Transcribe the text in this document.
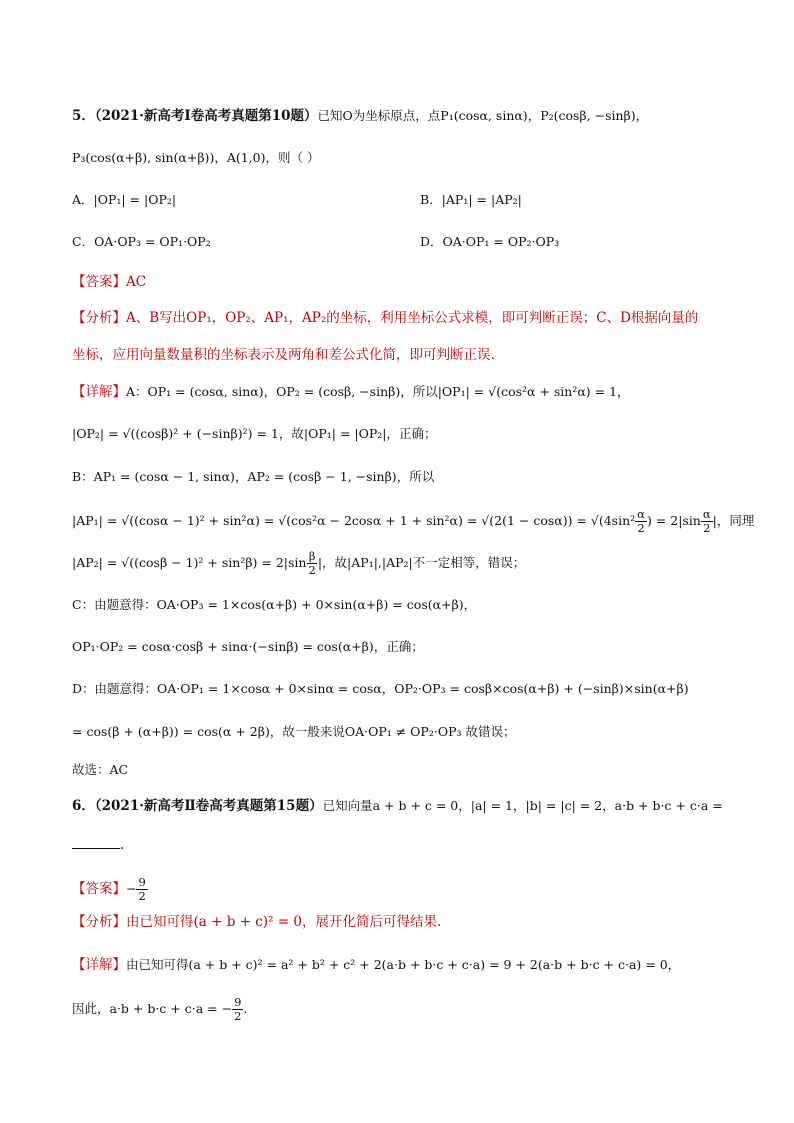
5．（2021·新高考Ⅰ卷高考真题第10题）已知O为坐标原点，点P₁(cosα, sinα)，P₂(cosβ, −sinβ)，
P₃(cos(α+β), sin(α+β))，A(1,0)，则（ ）
A．|OP₁| = |OP₂|	B．|AP₁| = |AP₂|
C．OA·OP₃ = OP₁·OP₂	D．OA·OP₁ = OP₂·OP₃
【答案】AC
【分析】A、B写出OP₁，OP₂、AP₁，AP₂的坐标，利用坐标公式求模，即可判断正误；C、D根据向量的
坐标，应用向量数量积的坐标表示及两角和差公式化简，即可判断正误.
【详解】A：OP₁ = (cosα, sinα)，OP₂ = (cosβ, −sinβ)，所以|OP₁| = √(cos²α + sin²α) = 1，
|OP₂| = √((cosβ)² + (−sinβ)²) = 1，故|OP₁| = |OP₂|，正确；
B：AP₁ = (cosα − 1, sinα)，AP₂ = (cosβ − 1, −sinβ)，所以
$|AP_1| = √((\cos\alpha - 1)^2 + \sin^2\alpha) = √(\cos^2\alpha - 2\cos\alpha + 1 + \sin^2\alpha) = √(2(1 - \cos\alpha)) = √(4\sin^2 \frac{\alpha}{2}$ ) = $2|\sin \frac{\alpha}{2}$ |，同理
$|AP_2| = √((\cos\beta - 1)^2 + \sin^2\beta) = 2|\sin \frac{\beta}{2}$ |，故|AP₁|,|AP₂|不一定相等，错误；
C：由题意得：OA·OP₃ = 1×cos(α+β) + 0×sin(α+β) = cos(α+β)，
OP₁·OP₂ = cosα·cosβ + sinα·(−sinβ) = cos(α+β)，正确；
D：由题意得：OA·OP₁ = 1×cosα + 0×sinα = cosα，OP₂·OP₃ = cosβ×cos(α+β) + (−sinβ)×sin(α+β)
= cos(β + (α+β)) = cos(α + 2β)，故一般来说OA·OP₁ ≠ OP₂·OP₃ 故错误；
故选：AC
6．（2021·新高考Ⅱ卷高考真题第15题）已知向量a + b + c = 0，|a| = 1，|b| = |c| = 2，a·b + b·c + c·a =
.
【答案】− $\frac{9}{2}$
【分析】由已知可得(a + b + c)² = 0，展开化简后可得结果.
【详解】由已知可得(a + b + c)² = a² + b² + c² + 2(a·b + b·c + c·a) = 9 + 2(a·b + b·c + c·a) = 0，
因此，a·b + b·c + c·a = − $\frac{9}{2}$ .
